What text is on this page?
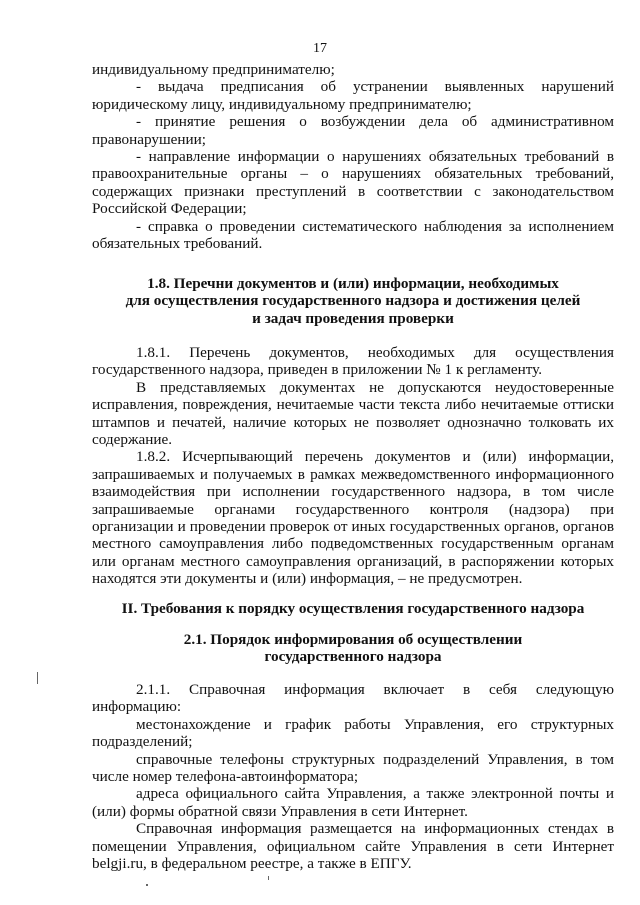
17

индивидуальному предпринимателю;

- выдача предписания об устранении выявленных нарушений юридическому лицу, индивидуальному предпринимателю;

- принятие решения о возбуждении дела об административном правонарушении;

- направление информации о нарушениях обязательных требований в правоохранительные органы – о нарушениях обязательных требований, содержащих признаки преступлений в соответствии с законодательством Российской Федерации;

- справка о проведении систематического наблюдения за исполнением обязательных требований.

1.8. Перечни документов и (или) информации, необходимых
для осуществления государственного надзора и достижения целей
и задач проведения проверки

1.8.1. Перечень документов, необходимых для осуществления государственного надзора, приведен в приложении № 1 к регламенту.

В представляемых документах не допускаются неудостоверенные исправления, повреждения, нечитаемые части текста либо нечитаемые оттиски штампов и печатей, наличие которых не позволяет однозначно толковать их содержание.

1.8.2. Исчерпывающий перечень документов и (или) информации, запрашиваемых и получаемых в рамках межведомственного информационного взаимодействия при исполнении государственного надзора, в том числе запрашиваемые органами государственного контроля (надзора) при организации и проведении проверок от иных государственных органов, органов местного самоуправления либо подведомственных государственным органам или органам местного самоуправления организаций, в распоряжении которых находятся эти документы и (или) информация, – не предусмотрен.

II. Требования к порядку осуществления государственного надзора

2.1. Порядок информирования об осуществлении
государственного надзора

2.1.1. Справочная информация включает в себя следующую информацию:

местонахождение и график работы Управления, его структурных подразделений;

справочные телефоны структурных подразделений Управления, в том числе номер телефона-автоинформатора;

адреса официального сайта Управления, а также электронной почты и (или) формы обратной связи Управления в сети Интернет.

Справочная информация размещается на информационных стендах в помещении Управления, официальном сайте Управления в сети Интернет belgji.ru, в федеральном реестре, а также в ЕПГУ.
